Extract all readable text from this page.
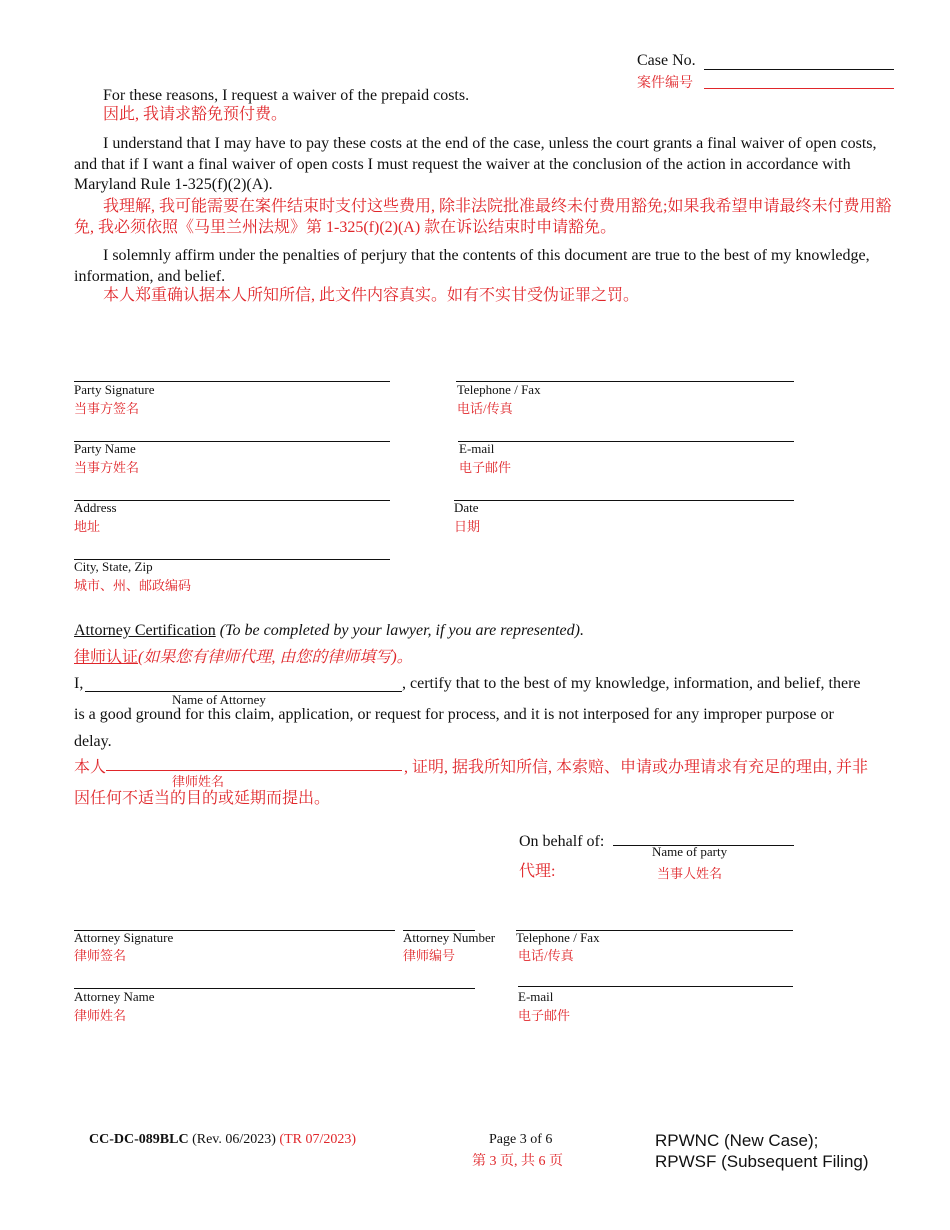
Case No.
案件编号
For these reasons, I request a waiver of the prepaid costs.
因此, 我请求豁免预付费。
I understand that I may have to pay these costs at the end of the case, unless the court grants a final waiver of open costs, and that if I want a final waiver of open costs I must request the waiver at the conclusion of the action in accordance with Maryland Rule 1-325(f)(2)(A).
我理解, 我可能需要在案件结束时支付这些费用, 除非法院批准最终未付费用豁免;如果我希望申请最终未付费用豁免, 我必须依照《马里兰州法规》第 1-325(f)(2)(A) 款在诉讼结束时申请豁免。
I solemnly affirm under the penalties of perjury that the contents of this document are true to the best of my knowledge, information, and belief.
本人郑重确认据本人所知所信, 此文件内容真实。如有不实甘受伪证罪之罚。
Party Signature
当事方签名
Telephone / Fax
电话/传真
Party Name
当事方姓名
E-mail
电子邮件
Address
地址
Date
日期
City, State, Zip
城市、州、邮政编码
Attorney Certification (To be completed by your lawyer, if you are represented).
律师认证(如果您有律师代理, 由您的律师填写)。
I,	, certify that to the best of my knowledge, information, and belief, there
Name of Attorney
is a good ground for this claim, application, or request for process, and it is not interposed for any improper purpose or
delay.
本人	, 证明, 据我所知所信, 本索赔、申请或办理请求有充足的理由, 并非
律师姓名
因任何不适当的目的或延期而提出。
On behalf of:
Name of party
代理:	当事人姓名
Attorney Signature
律师签名
Attorney Number
律师编号
Telephone / Fax
电话/传真
Attorney Name
律师姓名
E-mail
电子邮件
CC-DC-089BLC (Rev. 06/2023) (TR 07/2023)	Page 3 of 6
第 3 页, 共 6 页
RPWNC (New Case);
RPWSF (Subsequent Filing)
